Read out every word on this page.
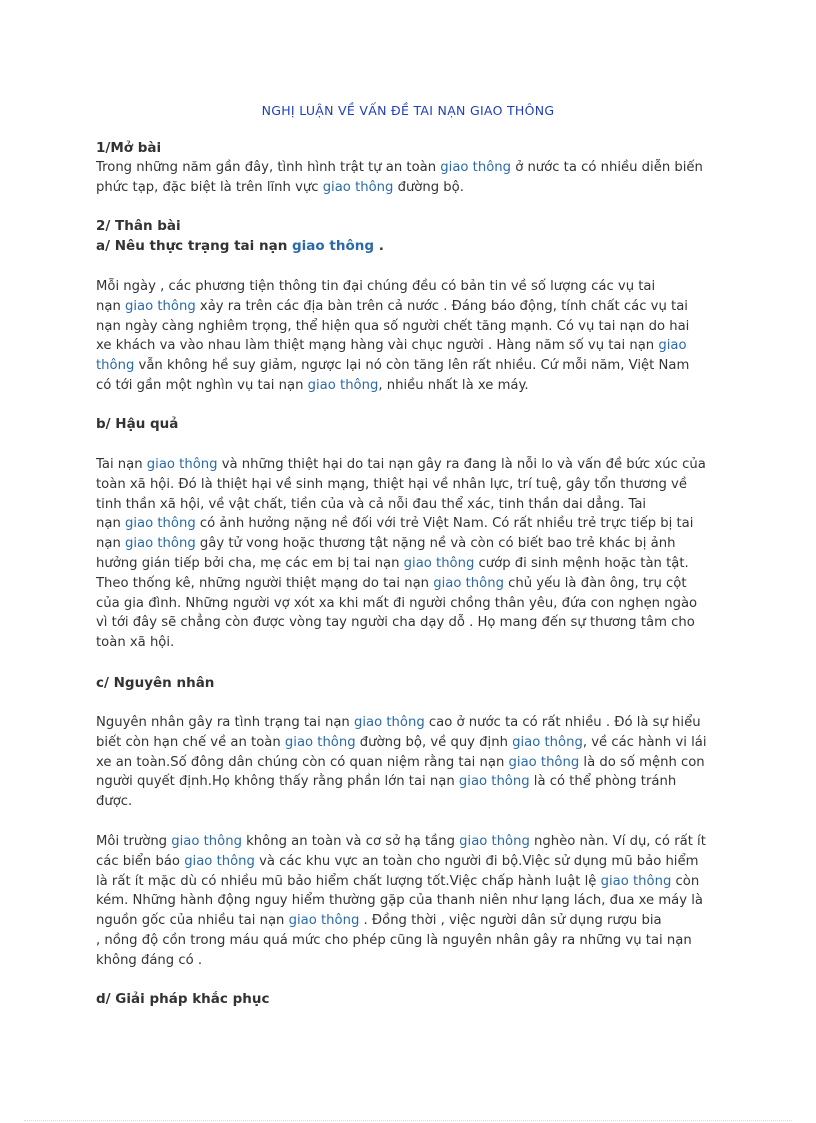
NGHỊ LUẬN VỀ VẤN ĐỀ TAI NẠN GIAO THÔNG
1/Mở bài
Trong những năm gần đây, tình hình trật tự an toàn giao thông ở nước ta có nhiều diễn biến
phức tạp, đặc biệt là trên lĩnh vực giao thông đường bộ.
2/ Thân bài
a/ Nêu thực trạng tai nạn giao thông .
Mỗi ngày , các phương tiện thông tin đại chúng đều có bản tin về số lượng các vụ tai
nạn giao thông xảy ra trên các địa bàn trên cả nước . Đáng báo động, tính chất các vụ tai
nạn ngày càng nghiêm trọng, thể hiện qua số người chết tăng mạnh. Có vụ tai nạn do hai
xe khách va vào nhau làm thiệt mạng hàng vài chục người . Hàng năm số vụ tai nạn giao
thông vẫn không hề suy giảm, ngược lại nó còn tăng lên rất nhiều. Cứ mỗi năm, Việt Nam
có tới gần một nghìn vụ tai nạn giao thông, nhiều nhất là xe máy.
b/ Hậu quả
Tai nạn giao thông và những thiệt hại do tai nạn gây ra đang là nỗi lo và vấn đề bức xúc của
toàn xã hội. Đó là thiệt hại về sinh mạng, thiệt hại về nhân lực, trí tuệ, gây tổn thương về
tinh thần xã hội, về vật chất, tiền của và cả nỗi đau thể xác, tinh thần dai dẳng. Tai
nạn giao thông có ảnh hưởng nặng nề đối với trẻ Việt Nam. Có rất nhiều trẻ trực tiếp bị tai
nạn giao thông gây tử vong hoặc thương tật nặng nề và còn có biết bao trẻ khác bị ảnh
hưởng gián tiếp bởi cha, mẹ các em bị tai nạn giao thông cướp đi sinh mệnh hoặc tàn tật.
Theo thống kê, những người thiệt mạng do tai nạn giao thông chủ yếu là đàn ông, trụ cột
của gia đình. Những người vợ xót xa khi mất đi người chồng thân yêu, đứa con nghẹn ngào
vì tới đây sẽ chẳng còn được vòng tay người cha dạy dỗ . Họ mang đến sự thương tâm cho
toàn xã hội.
c/ Nguyên nhân
Nguyên nhân gây ra tình trạng tai nạn giao thông cao ở nước ta có rất nhiều . Đó là sự hiểu
biết còn hạn chế về an toàn giao thông đường bộ, về quy định giao thông, về các hành vi lái
xe an toàn.Số đông dân chúng còn có quan niệm rằng tai nạn giao thông là do số mệnh con
người quyết định.Họ không thấy rằng phần lớn tai nạn giao thông là có thể phòng tránh
được.
Môi trường giao thông không an toàn và cơ sở hạ tầng giao thông nghèo nàn. Ví dụ, có rất ít
các biển báo giao thông và các khu vực an toàn cho người đi bộ.Việc sử dụng mũ bảo hiểm
là rất ít mặc dù có nhiều mũ bảo hiểm chất lượng tốt.Việc chấp hành luật lệ giao thông còn
kém. Những hành động nguy hiểm thường gặp của thanh niên như lạng lách, đua xe máy là
nguồn gốc của nhiều tai nạn giao thông . Đồng thời , việc người dân sử dụng rượu bia
, nồng độ cồn trong máu quá mức cho phép cũng là nguyên nhân gây ra những vụ tai nạn
không đáng có .
d/ Giải pháp khắc phục
